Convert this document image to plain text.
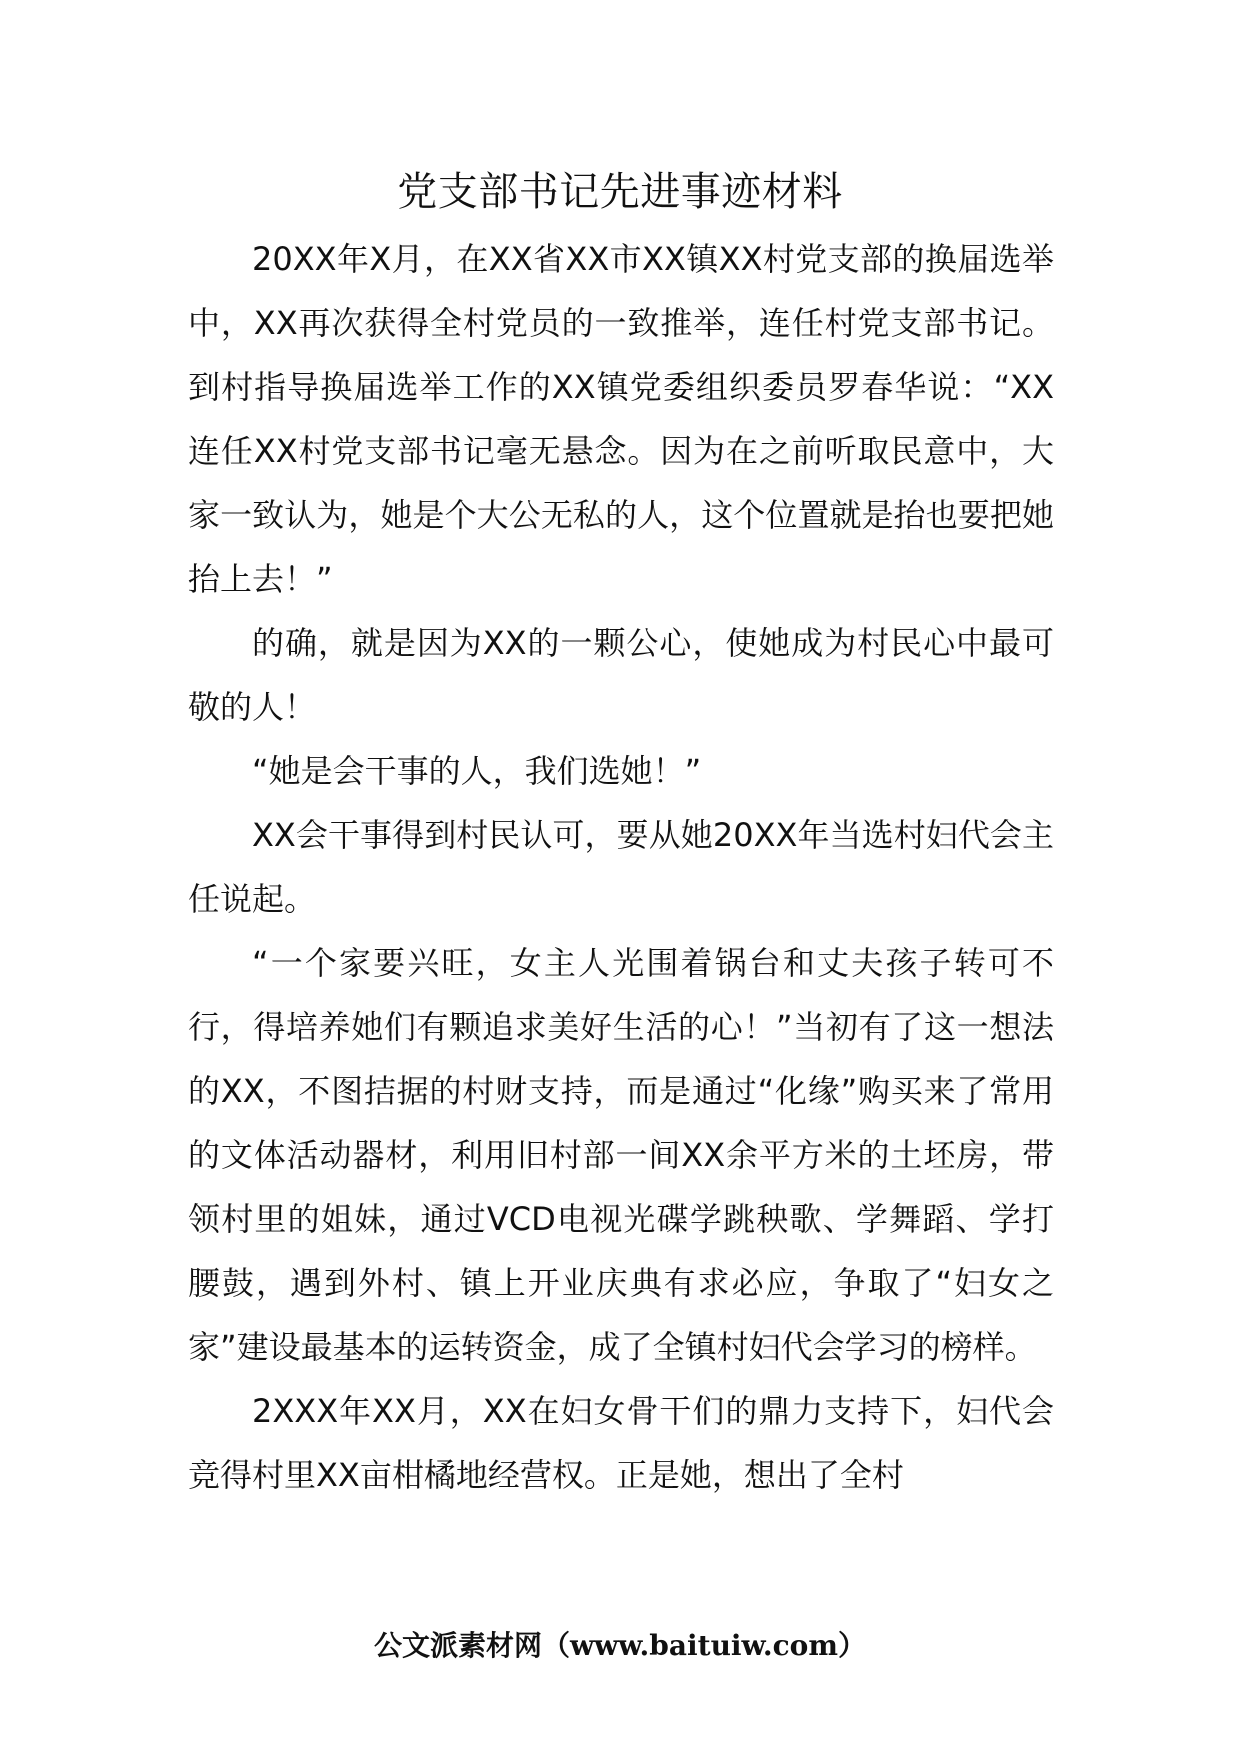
党支部书记先进事迹材料

20XX年X月，在XX省XX市XX镇XX村党支部的换届选举中，XX再次获得全村党员的一致推举，连任村党支部书记。到村指导换届选举工作的XX镇党委组织委员罗春华说：“XX连任XX村党支部书记毫无悬念。因为在之前听取民意中，大家一致认为，她是个大公无私的人，这个位置就是抬也要把她抬上去！”

的确，就是因为XX的一颗公心，使她成为村民心中最可敬的人！

“她是会干事的人，我们选她！”

XX会干事得到村民认可，要从她20XX年当选村妇代会主任说起。

“一个家要兴旺，女主人光围着锅台和丈夫孩子转可不行，得培养她们有颗追求美好生活的心！”当初有了这一想法的XX，不图拮据的村财支持，而是通过“化缘”购买来了常用的文体活动器材，利用旧村部一间XX余平方米的土坯房，带领村里的姐妹，通过VCD电视光碟学跳秧歌、学舞蹈、学打腰鼓，遇到外村、镇上开业庆典有求必应，争取了“妇女之家”建设最基本的运转资金，成了全镇村妇代会学习的榜样。

2XXX年XX月，XX在妇女骨干们的鼎力支持下，妇代会竞得村里XX亩柑橘地经营权。正是她，想出了全村

公文派素材网（www.baituiw.com）
